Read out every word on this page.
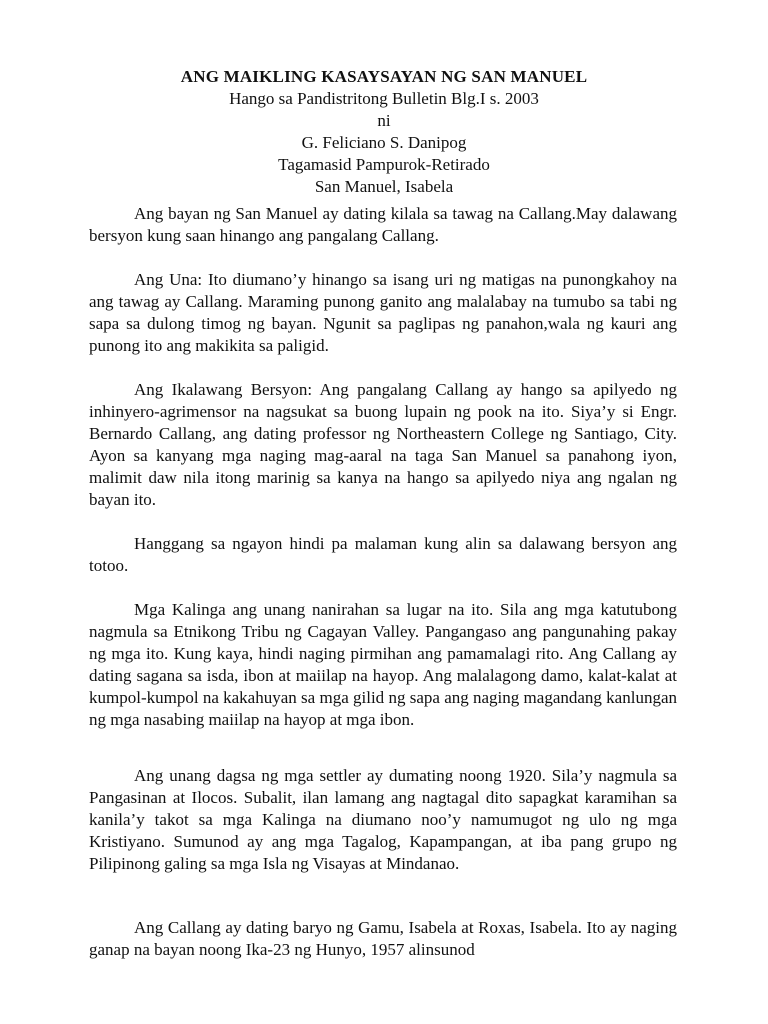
ANG MAIKLING KASAYSAYAN NG SAN MANUEL
Hango sa Pandistritong Bulletin Blg.I s. 2003
ni
G. Feliciano S. Danipog
Tagamasid Pampurok-Retirado
San Manuel, Isabela

Ang bayan ng San Manuel ay dating kilala sa tawag na Callang.May dalawang bersyon kung saan hinango ang pangalang Callang.

Ang Una: Ito diumano’y hinango sa isang uri ng matigas na punongkahoy na ang tawag ay Callang. Maraming punong ganito ang malalabay na tumubo sa tabi ng sapa sa dulong timog ng bayan. Ngunit sa paglipas ng panahon,wala ng kauri ang punong ito ang makikita sa paligid.

Ang Ikalawang Bersyon: Ang pangalang Callang ay hango sa apilyedo ng inhinyero-agrimensor na nagsukat sa buong lupain ng pook na ito. Siya’y si Engr. Bernardo Callang, ang dating professor ng Northeastern College ng Santiago, City. Ayon sa kanyang mga naging mag-aaral na taga San Manuel sa panahong iyon, malimit daw nila itong marinig sa kanya na hango sa apilyedo niya ang ngalan ng bayan ito.

Hanggang sa ngayon hindi pa malaman kung alin sa dalawang bersyon ang totoo.

Mga Kalinga ang unang nanirahan sa lugar na ito. Sila ang mga katutubong nagmula sa Etnikong Tribu ng Cagayan Valley. Pangangaso ang pangunahing pakay ng mga ito. Kung kaya, hindi naging pirmihan ang pamamalagi rito. Ang Callang ay dating sagana sa isda, ibon at maiilap na hayop. Ang malalagong damo, kalat-kalat at kumpol-kumpol na kakahuyan sa mga gilid ng sapa ang naging magandang kanlungan ng mga nasabing maiilap na hayop at mga ibon.

Ang unang dagsa ng mga settler ay dumating noong 1920. Sila’y nagmula sa Pangasinan at Ilocos. Subalit, ilan lamang ang nagtagal dito sapagkat karamihan sa kanila’y takot sa mga Kalinga na diumano noo’y namumugot ng ulo ng mga Kristiyano. Sumunod ay ang mga Tagalog, Kapampangan, at iba pang grupo ng Pilipinong galing sa mga Isla ng Visayas at Mindanao.

Ang Callang ay dating baryo ng Gamu, Isabela at Roxas, Isabela. Ito ay naging ganap na bayan noong Ika-23 ng Hunyo, 1957 alinsunod
